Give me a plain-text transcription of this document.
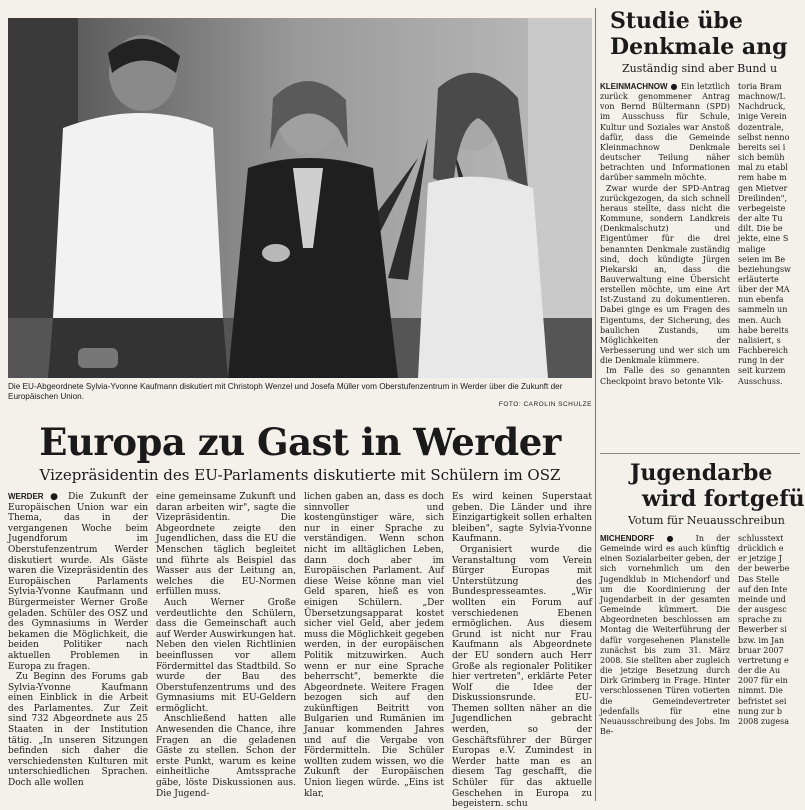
Die EU-Abgeordnete Sylvia-Yvonne Kaufmann diskutiert mit Christoph Wenzel und Josefa Müller vom Oberstufenzentrum in Werder über die Zukunft der Europäischen Union.
FOTO: CAROLIN SCHULZE
Europa zu Gast in Werder
Vizepräsidentin des EU-Parlaments diskutierte mit Schülern im OSZ

WERDER ● Die Zukunft der Europäischen Union war ein Thema, das in der vergangenen Woche beim Jugendforum im Oberstufenzentrum Werder diskutiert wurde. Als Gäste waren die Vizepräsidentin des Europäischen Parlaments Sylvia-Yvonne Kaufmann und Bürgermeister Werner Große geladen. Schüler des OSZ und des Gymnasiums in Werder bekamen die Möglichkeit, die beiden Politiker nach aktuellen Problemen in Europa zu fragen.

Zu Beginn des Forums gab Sylvia-Yvonne Kaufmann einen Einblick in die Arbeit des Parlamentes. Zur Zeit sind 732 Abgeordnete aus 25 Staaten in der Institution tätig. „In unseren Sitzungen befinden sich daher die verschiedensten Kulturen mit unterschiedlichen Sprachen. Doch alle wollen

eine gemeinsame Zukunft und daran arbeiten wir", sagte die Vizepräsidentin. Die Abgeordnete zeigte den Jugendlichen, dass die EU die Menschen täglich begleitet und führte als Beispiel das Wasser aus der Leitung an, welches die EU-Normen erfüllen muss.

Auch Werner Große verdeutlichte den Schülern, dass die Gemeinschaft auch auf Werder Auswirkungen hat. Neben den vielen Richtlinien beeinflussen vor allem Fördermittel das Stadtbild. So wurde der Bau des Oberstufenzentrums und des Gymnasiums mit EU-Geldern ermöglicht.

Anschließend hatten alle Anwesenden die Chance, ihre Fragen an die geladenen Gäste zu stellen. Schon der erste Punkt, warum es keine einheitliche Amtssprache gäbe, löste Diskussionen aus. Die Jugend-

lichen gaben an, dass es doch sinnvoller und kostengünstiger wäre, sich nur in einer Sprache zu verständigen. Wenn schon nicht im alltäglichen Leben, dann doch aber im Europäischen Parlament. Auf diese Weise könne man viel Geld sparen, hieß es von einigen Schülern. „Der Übersetzungsapparat kostet sicher viel Geld, aber jedem muss die Möglichkeit gegeben werden, in der europäischen Politik mitzuwirken. Auch wenn er nur eine Sprache beherrscht", bemerkte die Abgeordnete. Weitere Fragen bezogen sich auf den zukünftigen Beitritt von Bulgarien und Rumänien im Januar kommenden Jahres und auf die Vergabe von Fördermitteln. Die Schüler wollten zudem wissen, wo die Zukunft der Europäischen Union liegen würde. „Eins ist klar,

Es wird keinen Superstaat geben. Die Länder und ihre Einzigartigkeit sollen erhalten bleiben", sagte Sylvia-Yvonne Kaufmann.

Organisiert wurde die Veranstaltung vom Verein Bürger Europas mit Unterstützung des Bundespresseamtes. „Wir wollten ein Forum auf verschiedenen Ebenen ermöglichen. Aus diesem Grund ist nicht nur Frau Kaufmann als Abgeordnete der EU sondern auch Herr Große als regionaler Politiker hier vertreten", erklärte Peter Wolf die Idee der Diskussionsrunde. EU-Themen sollten näher an die Jugendlichen gebracht werden, so der Geschäftsführer der Bürger Europas e.V. Zumindest in Werder hatte man es an diesem Tag geschafft, die Schüler für das aktuelle Geschehen in Europa zu begeistern. schu

Studie übe
Denkmale ang
Zuständig sind aber Bund u

KLEINMACHNOW ● Ein letztlich zurück genommener Antrag von Bernd Bültermann (SPD) im Ausschuss für Schule, Kultur und Soziales war Anstoß dafür, dass die Gemeinde Kleinmachnow Denkmale deutscher Teilung näher betrachten und Informationen darüber sammeln möchte.

Zwar wurde der SPD-Antrag zurückgezogen, da sich schnell heraus stellte, dass nicht die Kommune, sondern Landkreis (Denkmalschutz) und Eigentümer für die drei benannten Denkmale zuständig sind, doch kündigte Jürgen Piekarski an, dass die Bauverwaltung eine Übersicht erstellen möchte, um eine Art Ist-Zustand zu dokumentieren. Dabei ginge es um Fragen des Eigentums, der Sicherung, des baulichen Zustands, um Möglichkeiten der Verbesserung und wer sich um die Denkmale kümmere.

Im Falle des so genannten Checkpoint bravo betonte Vik-

toria Bram
machnow/L
Nachdruck,
inige Verein
dozentrale,
selbst nenno
bereits sei i
sich bemüh
mal zu etabl
rem habe m
gen Mietver
Dreilinden",
verbegeiste
der alte Tu
dilt. Die be
jekte, eine S
malige
seien im Be
beziehungsw
erläuterte
über der MA
nun ebenfa
sammeln un
men. Auch
habe bereits
nalisiert, s
Fachbereich
rung in der
seit kurzem
Ausschuss.
Jugendarbe
wird fortgefü
Votum für Neuausschreibun

MICHENDORF ● In der Gemeinde wird es auch künftig einen Sozialarbeiter geben, der sich vornehmlich um den Jugendklub in Michendorf und um die Koordinierung der Jugendarbeit in der gesamten Gemeinde kümmert. Die Abgeordneten beschlossen am Montag die Weiterführung der dafür vorgesehenen Planstelle zunächst bis zum 31. März 2008. Sie stellten aber zugleich die jetzige Besetzung durch Dirk Grimberg in Frage. Hinter verschlossenen Türen votierten die Gemeindevertreter jedenfalls für eine Neuausschreibung des Jobs. Im Be-

schlusstext
drücklich e
er jetzige J
der bewerbe
Das Stelle
auf den Inte
meinde und
der ausgesc
sprache zu
Bewerber si
bzw. im Jan
bruar 2007
vertretung e
der die Au
2007 für ein
nimmt. Die
befristet sei
nung zur b
2008 zugesa
